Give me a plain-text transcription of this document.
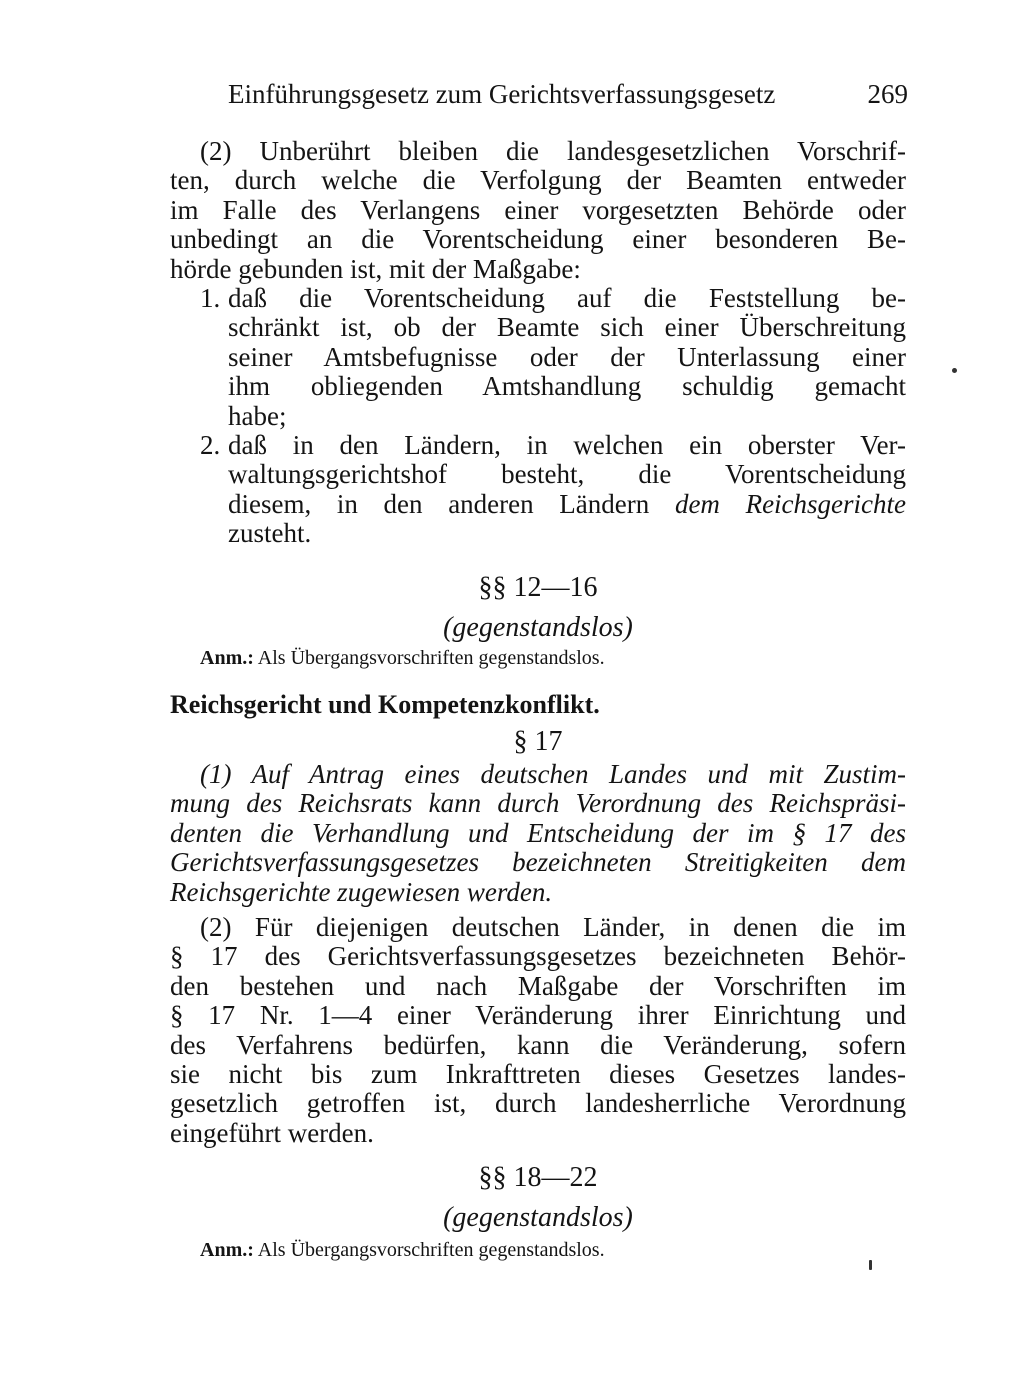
Einführungsgesetz zum Gerichtsverfassungsgesetz	269
(2) Unberührt bleiben die landesgesetzlichen Vorschrif-
ten, durch welche die Verfolgung der Beamten entweder
im Falle des Verlangens einer vorgesetzten Behörde oder
unbedingt an die Vorentscheidung einer besonderen Be-
hörde gebunden ist, mit der Maßgabe:
1. daß die Vorentscheidung auf die Feststellung be-
schränkt ist, ob der Beamte sich einer Überschreitung
seiner Amtsbefugnisse oder der Unterlassung einer
ihm obliegenden Amtshandlung schuldig gemacht
habe;
2. daß in den Ländern, in welchen ein oberster Ver-
waltungsgerichtshof besteht, die Vorentscheidung
diesem, in den anderen Ländern dem Reichsgerichte
zusteht.
§§ 12—16
(gegenstandslos)
Anm.: Als Übergangsvorschriften gegenstandslos.
Reichsgericht und Kompetenzkonflikt.
§ 17
(1) Auf Antrag eines deutschen Landes und mit Zustim-
mung des Reichsrats kann durch Verordnung des Reichspräsi-
denten die Verhandlung und Entscheidung der im § 17 des
Gerichtsverfassungsgesetzes bezeichneten Streitigkeiten dem
Reichsgerichte zugewiesen werden.
(2) Für diejenigen deutschen Länder, in denen die im
§ 17 des Gerichtsverfassungsgesetzes bezeichneten Behör-
den bestehen und nach Maßgabe der Vorschriften im
§ 17 Nr. 1—4 einer Veränderung ihrer Einrichtung und
des Verfahrens bedürfen, kann die Veränderung, sofern
sie nicht bis zum Inkrafttreten dieses Gesetzes landes-
gesetzlich getroffen ist, durch landesherrliche Verordnung
eingeführt werden.
§§ 18—22
(gegenstandslos)
Anm.: Als Übergangsvorschriften gegenstandslos.
